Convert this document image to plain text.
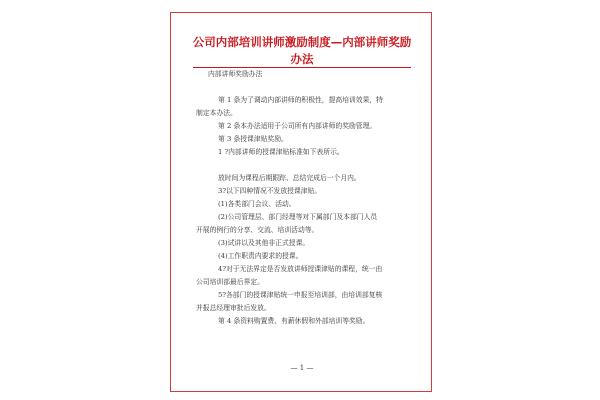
公司内部培训讲师激励制度—内部讲师奖励办法
内部讲师奖励办法
第 1 条为了调动内部讲师的积极性，提高培训效果，特
制定本办法。
第 2 条本办法适用于公司所有内部讲师的奖励管理。
第 3 条授课津贴奖励。
1 ?内部讲师的授课津贴标准如下表所示。
放时间为课程后期跟踪、总结完成后一个月内。
3?以下四种情况不发放授课津贴。
(1)各类部门会议、活动。
(2)公司管理层、部门经理等对下属部门及本部门人员
开展的例行的分享、交流、培训活动等。
(3)试讲以及其他非正式授课。
(4)工作职责内要求的授课。
4?对于无法界定是否发放讲师授课津贴的课程，统一由
公司培训部最后界定。
5?各部门的授课津贴统一申报至培训部，由培训部复核
并报总经理审批后发放。
第 4 条资料购置费、有薪休假和外部培训等奖励。
— 1 —
